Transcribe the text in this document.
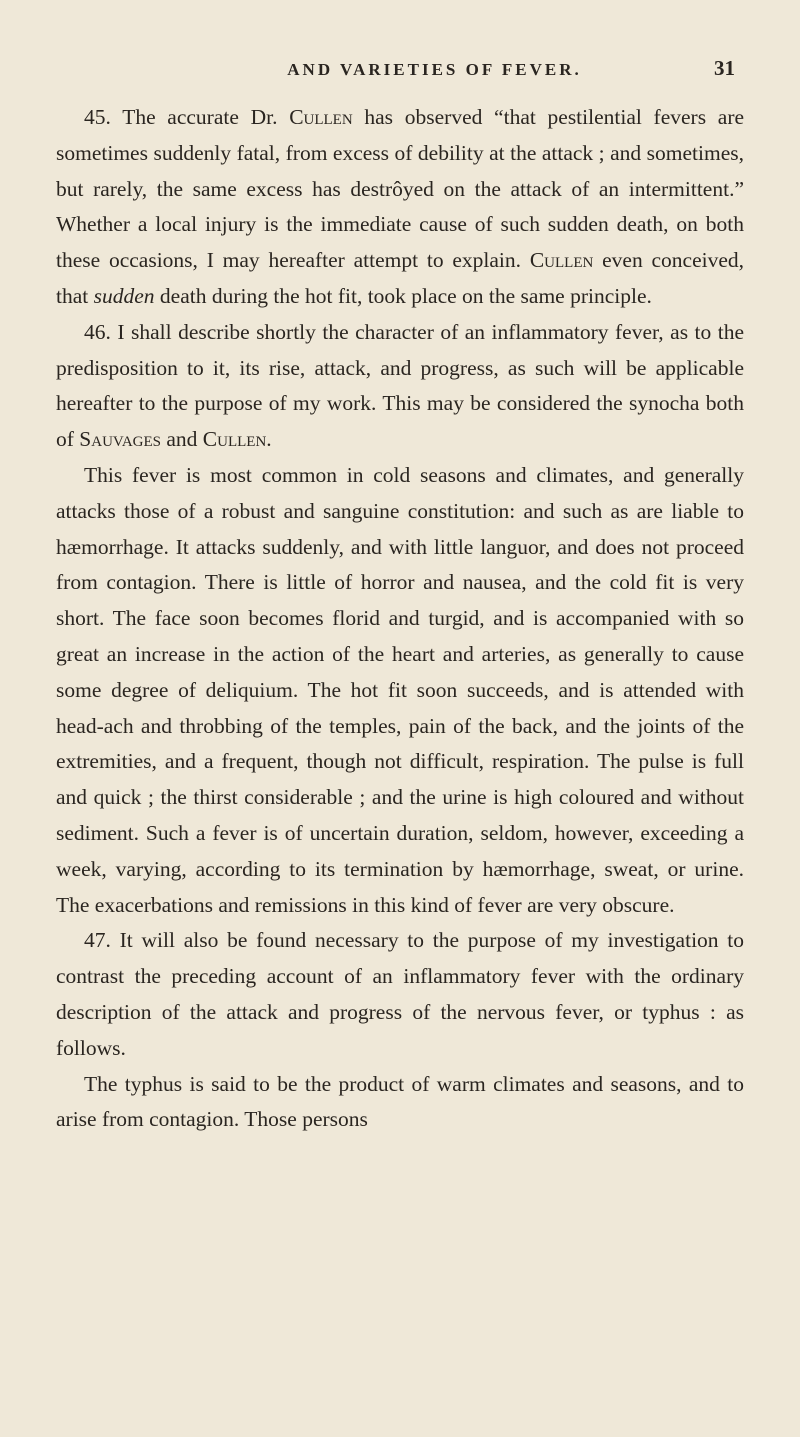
AND VARIETIES OF FEVER.	31

45. The accurate Dr. Cullen has observed “that pestilential fevers are sometimes suddenly fatal, from excess of debility at the attack ; and sometimes, but rarely, the same excess has destrôyed on the attack of an intermittent.” Whether a local injury is the immediate cause of such sudden death, on both these occasions, I may hereafter attempt to explain. Cullen even conceived, that sudden death during the hot fit, took place on the same principle.

46. I shall describe shortly the character of an inflammatory fever, as to the predisposition to it, its rise, attack, and progress, as such will be applicable hereafter to the purpose of my work. This may be considered the synocha both of Sauvages and Cullen.

This fever is most common in cold seasons and climates, and generally attacks those of a robust and sanguine constitution: and such as are liable to hæmorrhage. It attacks suddenly, and with little languor, and does not proceed from contagion. There is little of horror and nausea, and the cold fit is very short. The face soon becomes florid and turgid, and is accompanied with so great an increase in the action of the heart and arteries, as generally to cause some degree of deliquium. The hot fit soon succeeds, and is attended with head-ach and throbbing of the temples, pain of the back, and the joints of the extremities, and a frequent, though not difficult, respiration. The pulse is full and quick ; the thirst considerable ; and the urine is high coloured and without sediment. Such a fever is of uncertain duration, seldom, however, exceeding a week, varying, according to its termination by hæmorrhage, sweat, or urine. The exacerbations and remissions in this kind of fever are very obscure.

47. It will also be found necessary to the purpose of my investigation to contrast the preceding account of an inflammatory fever with the ordinary description of the attack and progress of the nervous fever, or typhus : as follows.

The typhus is said to be the product of warm climates and seasons, and to arise from contagion. Those persons
